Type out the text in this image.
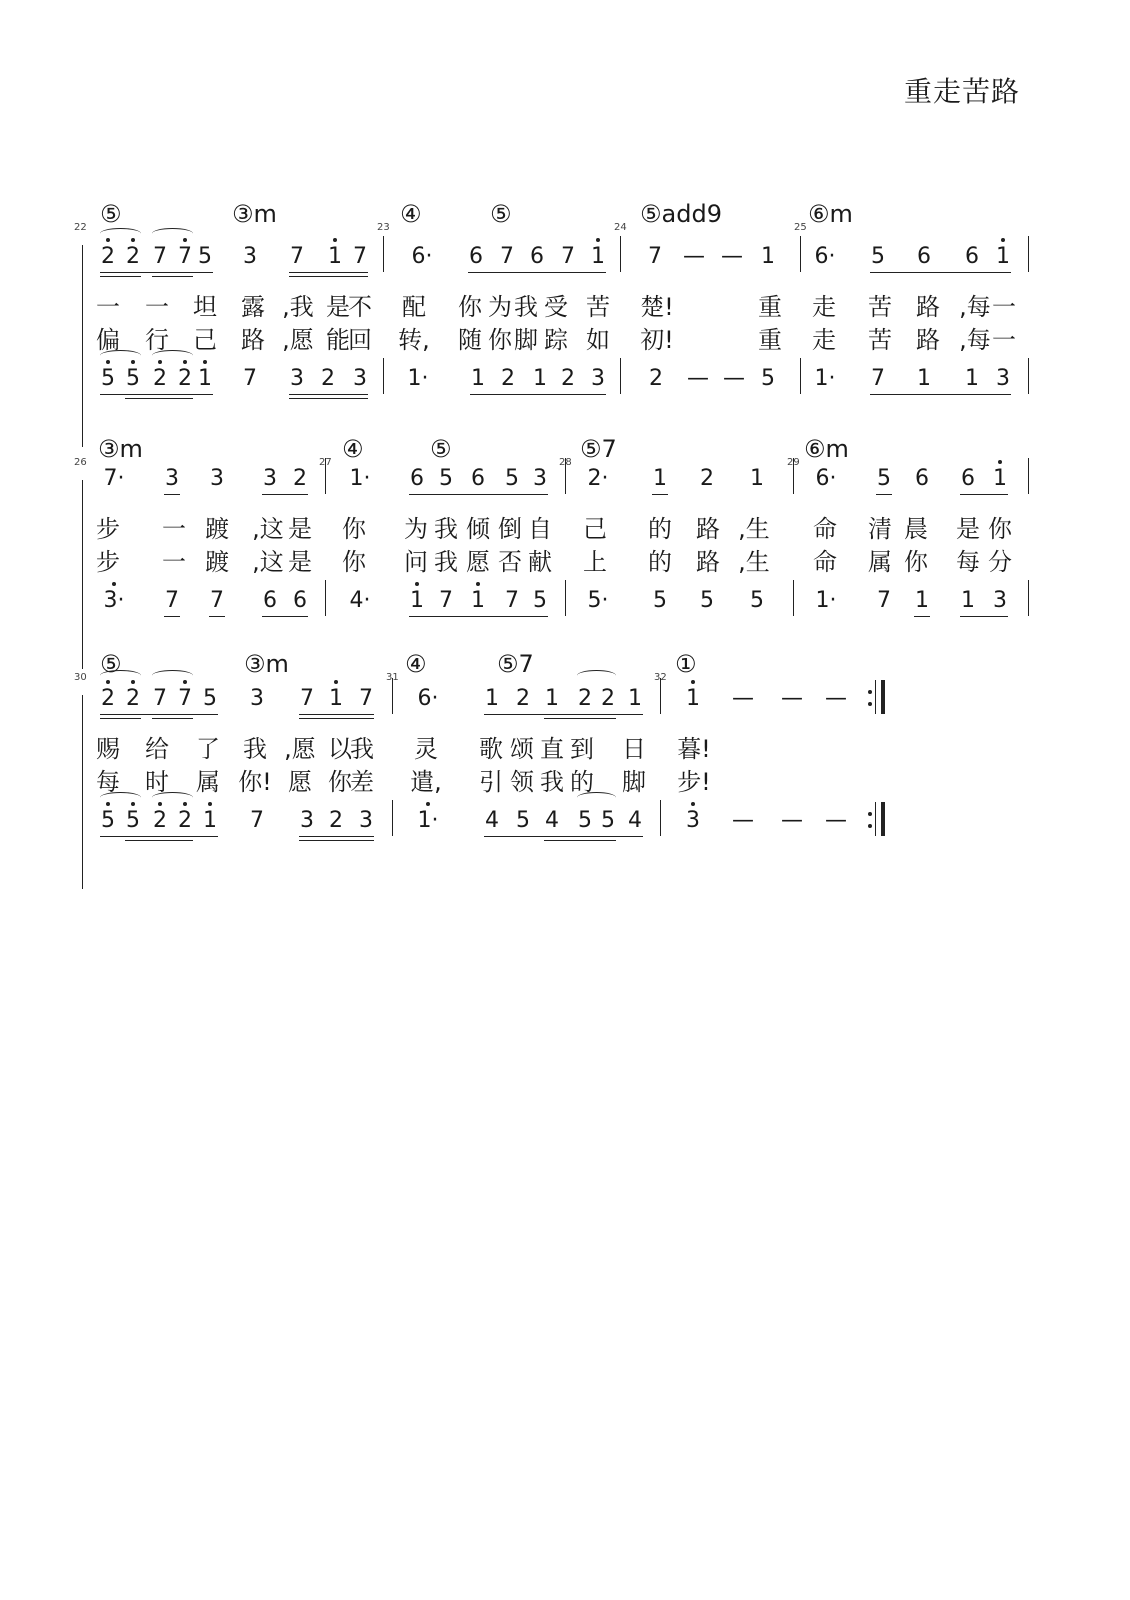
重走苦路
22 ⑤	③m	23 ④	⑤	24 ⑤add9	25 ⑥m
2 2 7 7 5 3 7 1 7 6· 6 7 6 7 1 7 — — 1 6· 5 6 6 1
一 一 坦 露 ,我 是
不 配 你 为 我 受 苦 楚!	重 走 苦 路 ,每 一
偏 行 己 路 ,愿 能
回 转, 随 你 脚 踪 如 初!	重 走 苦 路 ,每 一
5 5 2 2 1 7 3 2 3 1· 1 2 1 2 3 2 — — 5 1· 7 1 1 3
26 ③m	27 ④	⑤	28 ⑤7	29 ⑥m
7· 3 3 3 2 1· 6 5 6 5 3 2· 1 2 1 6· 5 6 6 1
步 一 踱 ,这 是 你 为 我 倾 倒 自 己 的 路 ,生 命 清 晨 是 你
步 一 踱 ,这 是 你 问 我 愿 否 献 上 的 路 ,生 命 属 你 每 分
3· 7 7 6 6 4· 1 7 1 7 5 5· 5 5 5 1· 7 1 1 3
30 ⑤	③m	31 ④	⑤7	32 ①
2 2 7 7 5 3 7 1 7 6· 1 2 1 2 2 1 1 — — —
赐 给 了 我 ,愿 以
我 灵 歌 颂 直 到 日 暮!
每 时 属 你! 愿 你
差 遣, 引 领 我 的 脚 步!
5 5 2 2 1 7 3 2 3 1· 4 5 4 5 5 4 3 — — —
